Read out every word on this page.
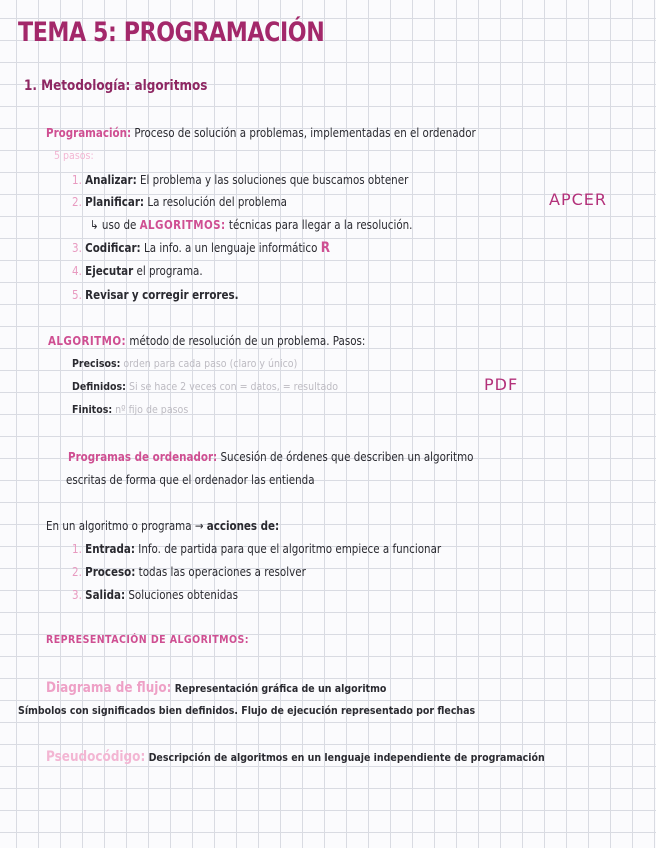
TEMA 5: PROGRAMACIÓN
1. Metodología: algoritmos
Programación: Proceso de solución a problemas, implementadas en el ordenador
5 pasos:
1. Analizar: El problema y las soluciones que buscamos obtener
2. Planificar: La resolución del problema	APCER
↳ uso de ALGORITMOS: técnicas para llegar a la resolución.
3. Codificar: La info. a un lenguaje informático R
4. Ejecutar el programa.
5. Revisar y corregir errores.
ALGORITMO: método de resolución de un problema. Pasos:
Precisos: orden para cada paso (claro y único)
Definidos: Si se hace 2 veces con = datos, = resultado	PDF
Finitos: nº fijo de pasos
Programas de ordenador: Sucesión de órdenes que describen un algoritmo
escritas de forma que el ordenador las entienda
En un algoritmo o programa → acciones de:
1. Entrada: Info. de partida para que el algoritmo empiece a funcionar
2. Proceso: todas las operaciones a resolver
3. Salida: Soluciones obtenidas
REPRESENTACIÓN DE ALGORITMOS:
Diagrama de flujo: Representación gráfica de un algoritmo
Símbolos con significados bien definidos. Flujo de ejecución representado por flechas
Pseudocódigo: Descripción de algoritmos en un lenguaje independiente de programación
